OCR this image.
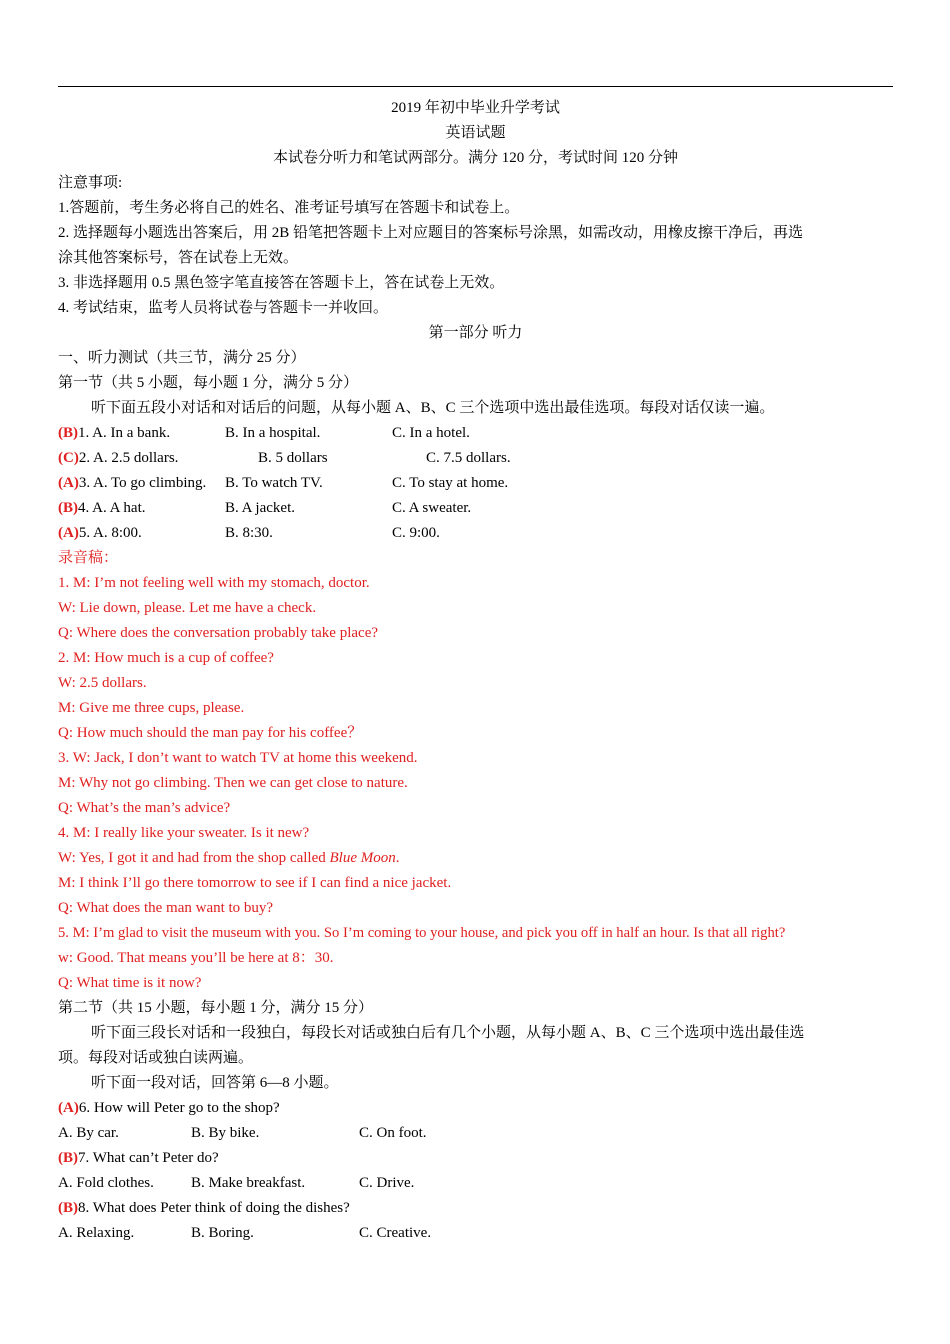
2019 年初中毕业升学考试
英语试题
本试卷分听力和笔试两部分。满分 120 分，考试时间 120 分钟
注意事项:
1.答题前，考生务必将自己的姓名、准考证号填写在答题卡和试卷上。
2. 选择题每小题选出答案后，用 2B 铅笔把答题卡上对应题目的答案标号涂黑，如需改动，用橡皮擦干净后，再选
涂其他答案标号，答在试卷上无效。
3. 非选择题用 0.5 黑色签字笔直接答在答题卡上，答在试卷上无效。
4. 考试结束，监考人员将试卷与答题卡一并收回。
第一部分 听力
一、听力测试（共三节，满分 25 分）
第一节（共 5 小题，每小题 1 分，满分 5 分）
听下面五段小对话和对话后的问题，从每小题 A、B、C 三个选项中选出最佳选项。每段对话仅读一遍。
(B)1. A. In a bank.	B. In a hospital.	C. In a hotel.
(C)2. A. 2.5 dollars.	B. 5 dollars	C. 7.5 dollars.
(A)3. A. To go climbing. B. To watch TV.	C. To stay at home.
(B)4. A. A hat.	B. A jacket.	C. A sweater.
(A)5. A. 8:00.	B. 8:30.	C. 9:00.
录音稿：
1. M: I’m not feeling well with my stomach, doctor.
W: Lie down, please. Let me have a check.
Q: Where does the conversation probably take place?
2. M: How much is a cup of coffee?
W: 2.5 dollars.
M: Give me three cups, please.
Q: How much should the man pay for his coffee？
3. W: Jack, I don’t want to watch TV at home this weekend.
M: Why not go climbing. Then we can get close to nature.
Q: What’s the man’s advice?
4. M: I really like your sweater. Is it new?
W: Yes, I got it and had from the shop called Blue Moon.
M: I think I’ll go there tomorrow to see if I can find a nice jacket.
Q: What does the man want to buy?
5. M: I’m glad to visit the museum with you. So I’m coming to your house, and pick you off in half an hour. Is that all right?
w: Good. That means you’ll be here at 8：30.
Q: What time is it now?
第二节（共 15 小题，每小题 1 分，满分 15 分）
听下面三段长对话和一段独白，每段长对话或独白后有几个小题，从每小题 A、B、C 三个选项中选出最佳选
项。每段对话或独白读两遍。
听下面一段对话，回答第 6—8 小题。
(A)6. How will Peter go to the shop?
A. By car.	B. By bike.	C. On foot.
(B)7. What can’t Peter do?
A. Fold clothes. B. Make breakfast.	C. Drive.
(B)8. What does Peter think of doing the dishes?
A. Relaxing.	B. Boring.	C. Creative.
